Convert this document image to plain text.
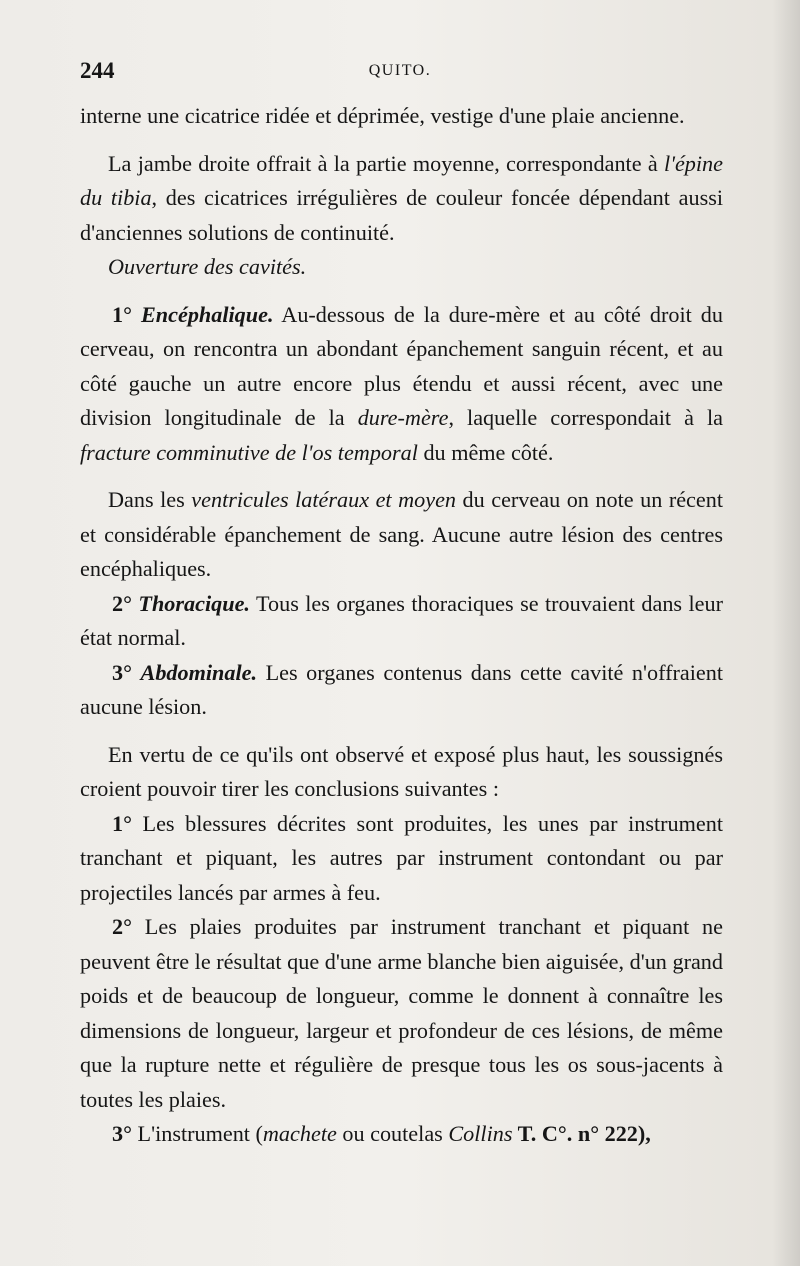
244	QUITO.

interne une cicatrice ridée et déprimée, vestige d'une plaie ancienne.

La jambe droite offrait à la partie moyenne, correspondante à l'épine du tibia, des cicatrices irrégulières de couleur foncée dépendant aussi d'anciennes solutions de continuité.

Ouverture des cavités.

1° Encéphalique. Au-dessous de la dure-mère et au côté droit du cerveau, on rencontra un abondant épanchement sanguin récent, et au côté gauche un autre encore plus étendu et aussi récent, avec une division longitudinale de la dure-mère, laquelle correspondait à la fracture comminutive de l'os temporal du même côté.

Dans les ventricules latéraux et moyen du cerveau on note un récent et considérable épanchement de sang. Aucune autre lésion des centres encéphaliques.

2° Thoracique. Tous les organes thoraciques se trouvaient dans leur état normal.

3° Abdominale. Les organes contenus dans cette cavité n'offraient aucune lésion.

En vertu de ce qu'ils ont observé et exposé plus haut, les soussignés croient pouvoir tirer les conclusions suivantes :

1° Les blessures décrites sont produites, les unes par instrument tranchant et piquant, les autres par instrument contondant ou par projectiles lancés par armes à feu.

2° Les plaies produites par instrument tranchant et piquant ne peuvent être le résultat que d'une arme blanche bien aiguisée, d'un grand poids et de beaucoup de longueur, comme le donnent à connaître les dimensions de longueur, largeur et profondeur de ces lésions, de même que la rupture nette et régulière de presque tous les os sous-jacents à toutes les plaies.

3° L'instrument (machete ou coutelas Collins T. C°. n° 222),
